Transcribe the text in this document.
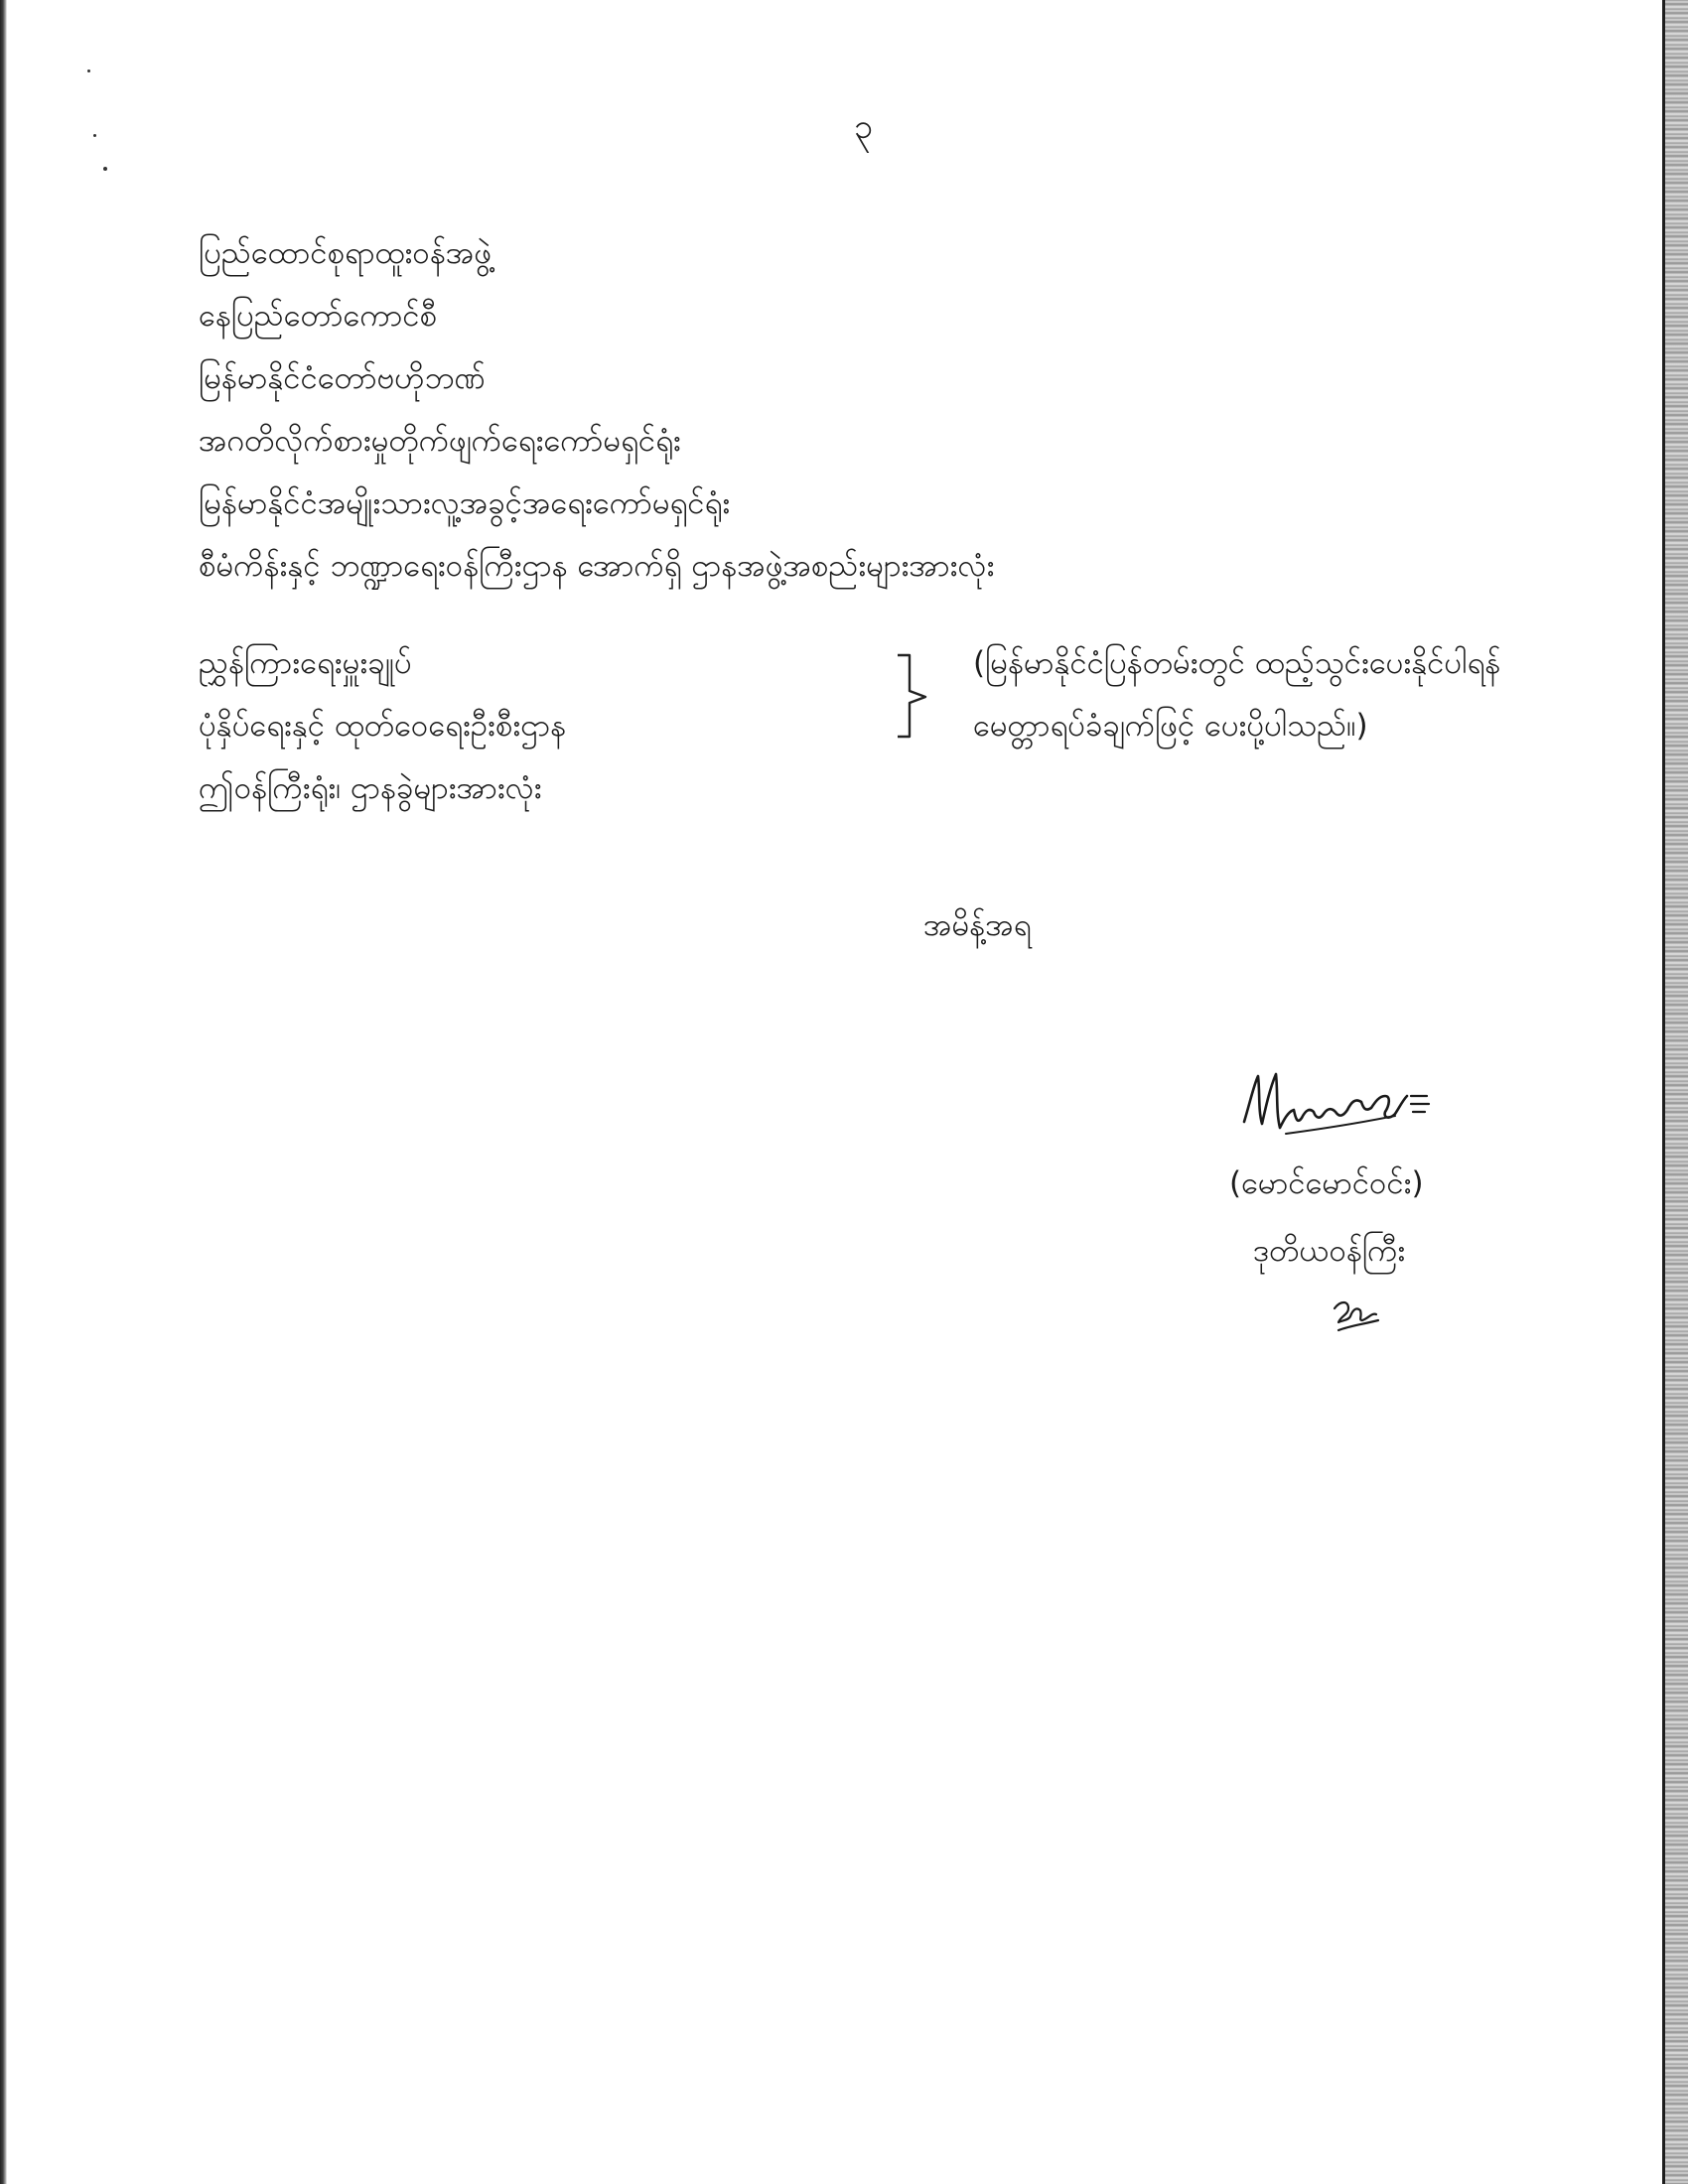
၃
ပြည်ထောင်စုရာထူးဝန်အဖွဲ့
နေပြည်တော်ကောင်စီ
မြန်မာနိုင်ငံတော်ဗဟိုဘဏ်
အဂတိလိုက်စားမှုတိုက်ဖျက်ရေးကော်မရှင်ရုံး
မြန်မာနိုင်ငံအမျိုးသားလူ့အခွင့်အရေးကော်မရှင်ရုံး
စီမံကိန်းနှင့် ဘဏ္ဍာရေးဝန်ကြီးဌာန အောက်ရှိ ဌာနအဖွဲ့အစည်းများအားလုံး
ညွှန်ကြားရေးမှူးချုပ်
ပုံနှိပ်ရေးနှင့် ထုတ်ဝေရေးဦးစီးဌာန
(မြန်မာနိုင်ငံပြန်တမ်းတွင် ထည့်သွင်းပေးနိုင်ပါရန်
မေတ္တာရပ်ခံချက်ဖြင့် ပေးပို့ပါသည်။)
ဤဝန်ကြီးရုံး၊ ဌာနခွဲများအားလုံး
အမိန့်အရ
(မောင်မောင်ဝင်း)
ဒုတိယဝန်ကြီး
